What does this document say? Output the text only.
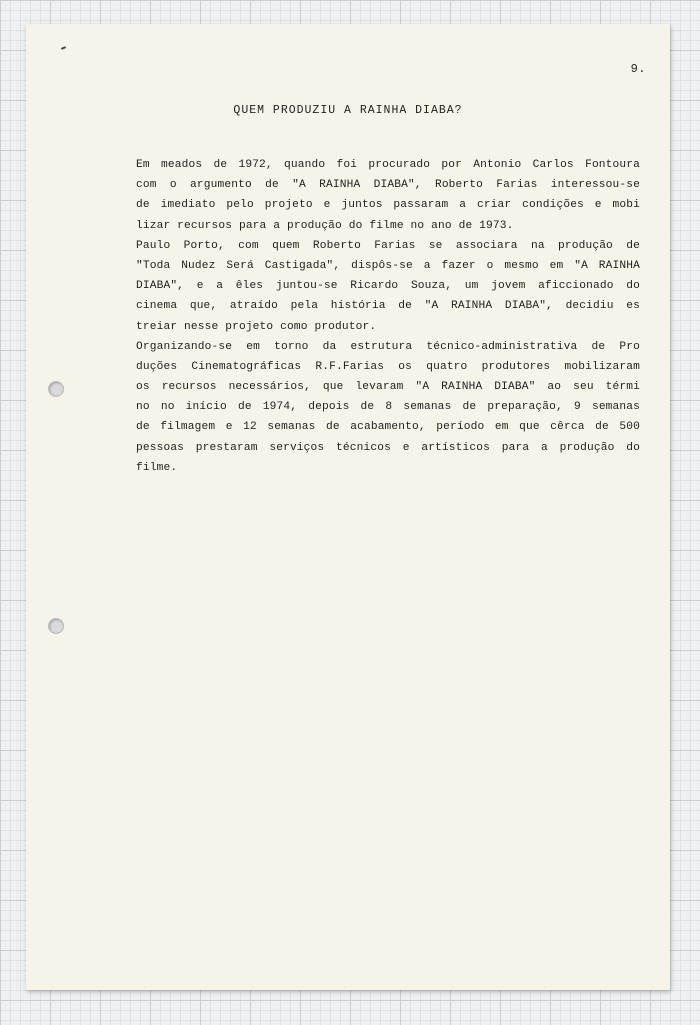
9.
QUEM PRODUZIU A RAINHA DIABA?
Em meados de 1972, quando foi procurado por Antonio Carlos Fontoura
com o argumento de "A RAINHA DIABA", Roberto Farias interessou-se
de imediato pelo projeto e juntos passaram a criar condições e mobi
lizar recursos para a produção do filme no ano de 1973.
Paulo Porto, com quem Roberto Farias se associara na produção de
"Toda Nudez Será Castigada", dispôs-se a fazer o mesmo em "A RAINHA
DIABA", e a êles juntou-se Ricardo Souza, um jovem aficcionado do
cinema que, atraído pela história de "A RAINHA DIABA", decidiu es
treiar nesse projeto como produtor.
Organizando-se em torno da estrutura técnico-administrativa de Pro
duções Cinematográficas R.F.Farias os quatro produtores mobilizaram
os recursos necessários, que levaram "A RAINHA DIABA" ao seu térmi
no no início de 1974, depois de 8 semanas de preparação, 9 semanas
de filmagem e 12 semanas de acabamento, período em que cêrca de 500
pessoas prestaram serviços técnicos e artísticos para a produção do
filme.
